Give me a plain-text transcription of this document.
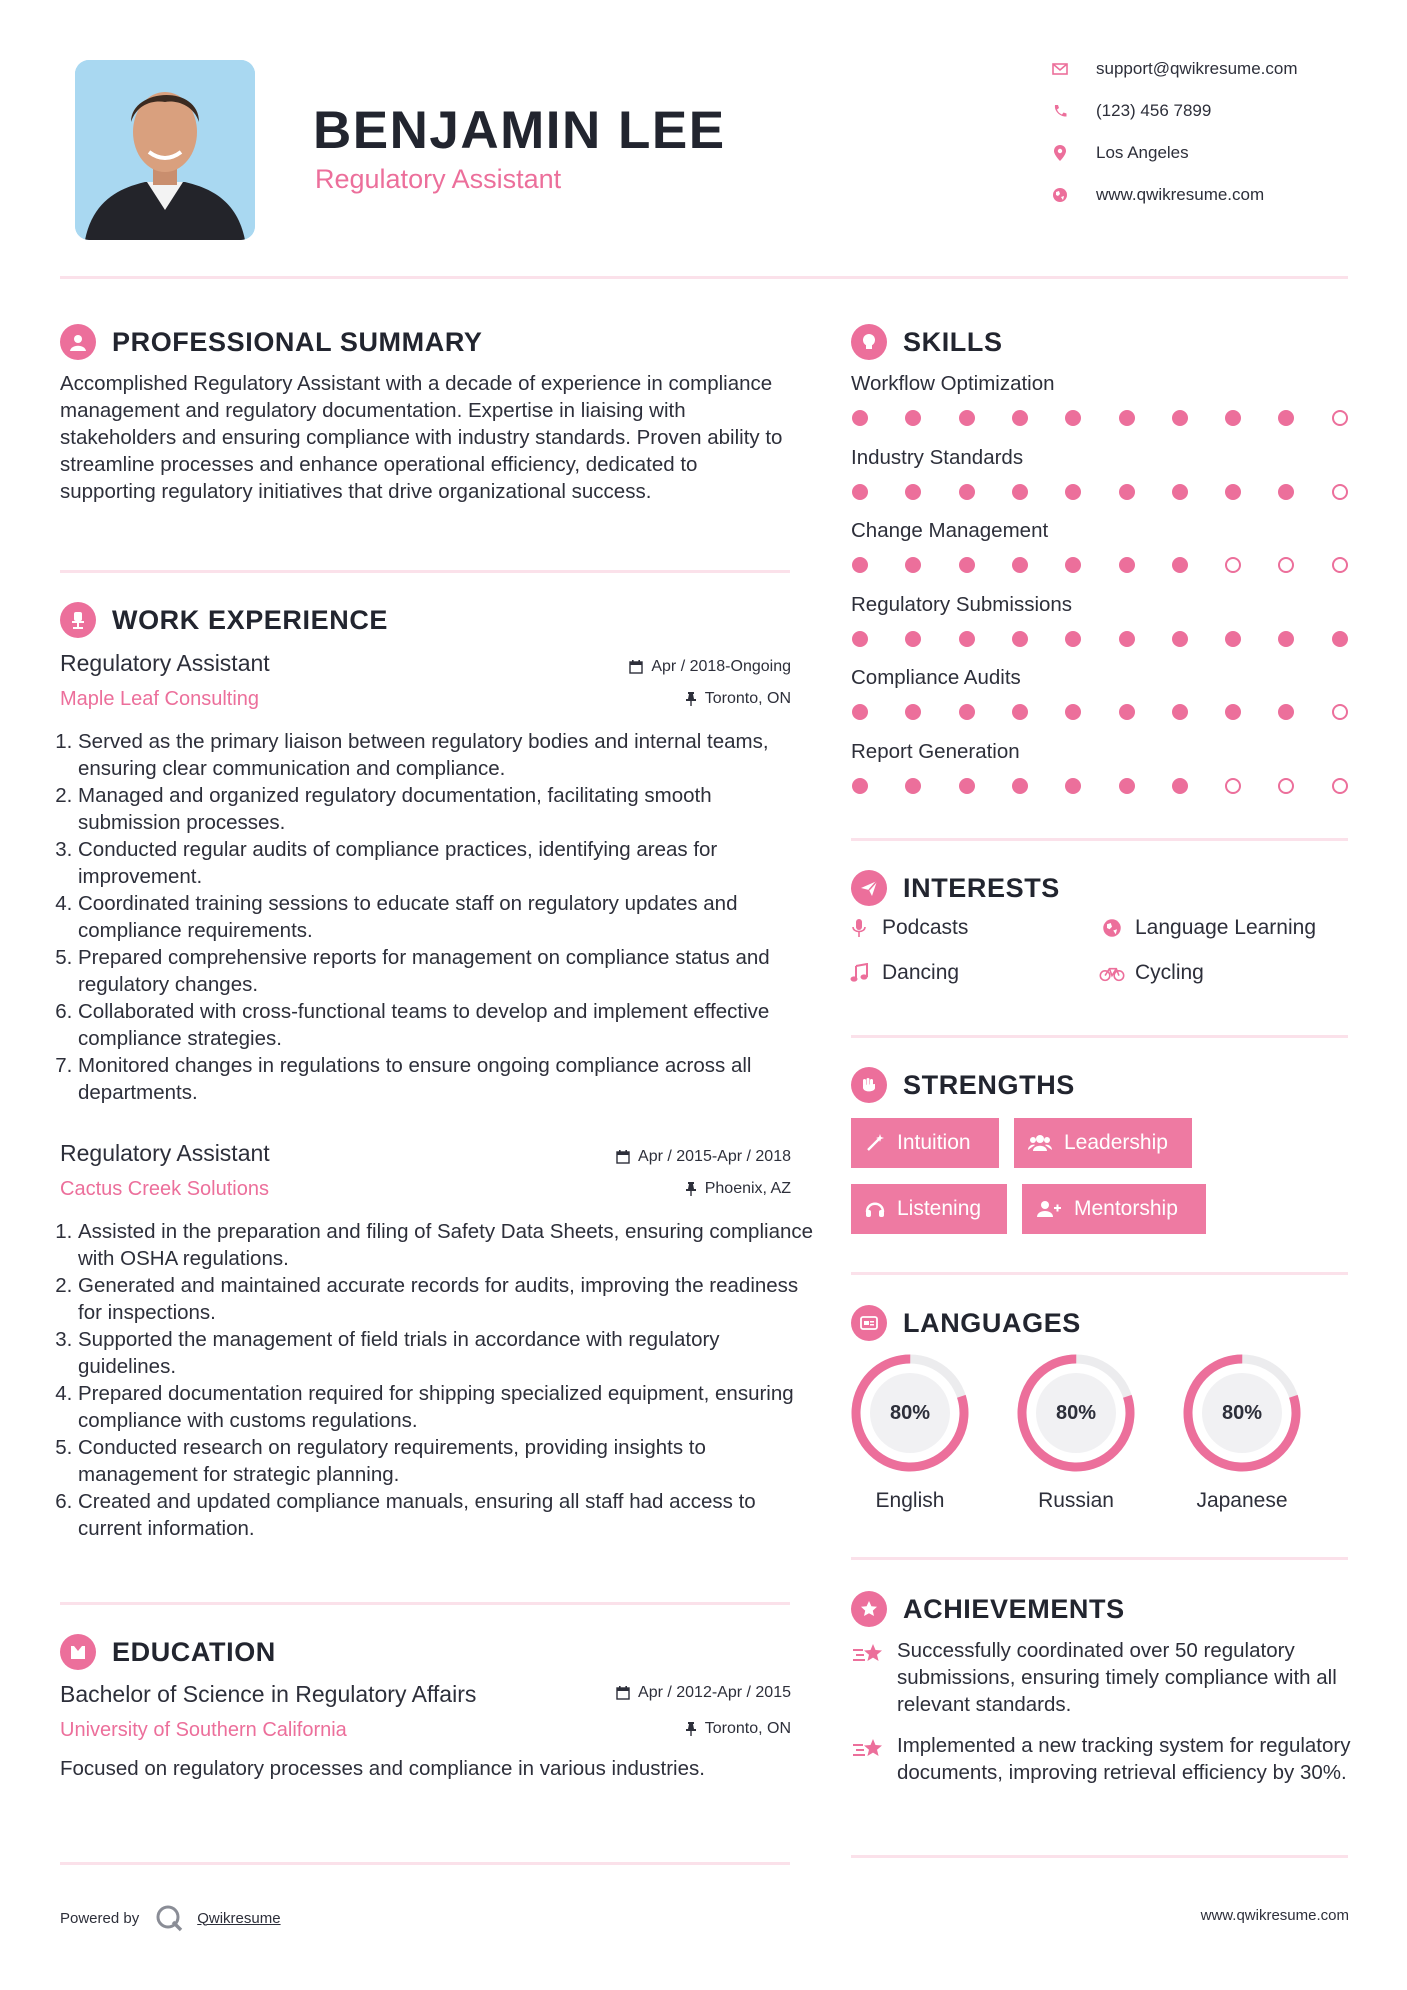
BENJAMIN LEE
Regulatory Assistant
support@qwikresume.com
(123) 456 7899
Los Angeles
www.qwikresume.com
PROFESSIONAL SUMMARY
Accomplished Regulatory Assistant with a decade of experience in compliance management and regulatory documentation. Expertise in liaising with stakeholders and ensuring compliance with industry standards. Proven ability to streamline processes and enhance operational efficiency, dedicated to supporting regulatory initiatives that drive organizational success.
WORK EXPERIENCE
Regulatory Assistant
Maple Leaf Consulting
Apr / 2018-Ongoing
Toronto, ON
1. Served as the primary liaison between regulatory bodies and internal teams, ensuring clear communication and compliance.
2. Managed and organized regulatory documentation, facilitating smooth submission processes.
3. Conducted regular audits of compliance practices, identifying areas for improvement.
4. Coordinated training sessions to educate staff on regulatory updates and compliance requirements.
5. Prepared comprehensive reports for management on compliance status and regulatory changes.
6. Collaborated with cross-functional teams to develop and implement effective compliance strategies.
7. Monitored changes in regulations to ensure ongoing compliance across all departments.
Regulatory Assistant
Cactus Creek Solutions
Apr / 2015-Apr / 2018
Phoenix, AZ
1. Assisted in the preparation and filing of Safety Data Sheets, ensuring compliance with OSHA regulations.
2. Generated and maintained accurate records for audits, improving the readiness for inspections.
3. Supported the management of field trials in accordance with regulatory guidelines.
4. Prepared documentation required for shipping specialized equipment, ensuring compliance with customs regulations.
5. Conducted research on regulatory requirements, providing insights to management for strategic planning.
6. Created and updated compliance manuals, ensuring all staff had access to current information.
EDUCATION
Bachelor of Science in Regulatory Affairs
University of Southern California
Apr / 2012-Apr / 2015
Toronto, ON
Focused on regulatory processes and compliance in various industries.
SKILLS
Workflow Optimization
Industry Standards
Change Management
Regulatory Submissions
Compliance Audits
Report Generation
INTERESTS
Podcasts	Language Learning
Dancing	Cycling
STRENGTHS
Intuition	Leadership
Listening	Mentorship
LANGUAGES
80%
English
80%
Russian
80%
Japanese
ACHIEVEMENTS
Successfully coordinated over 50 regulatory submissions, ensuring timely compliance with all relevant standards.
Implemented a new tracking system for regulatory documents, improving retrieval efficiency by 30%.
Powered by	Qwikresume	www.qwikresume.com
